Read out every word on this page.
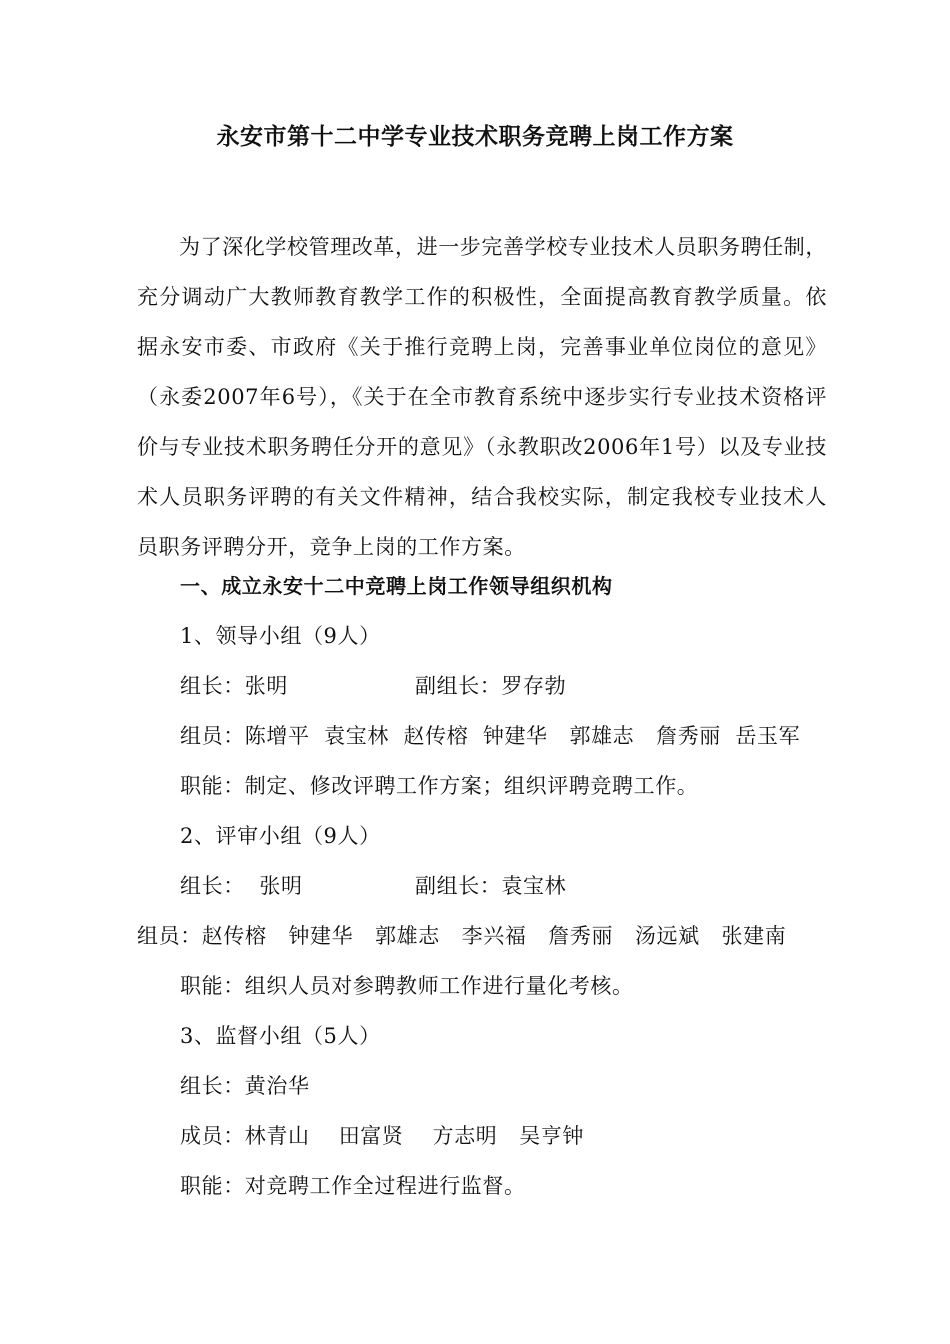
永安市第十二中学专业技术职务竞聘上岗工作方案

为了深化学校管理改革，进一步完善学校专业技术人员职务聘任制，充分调动广大教师教育教学工作的积极性，全面提高教育教学质量。依据永安市委、市政府《关于推行竞聘上岗，完善事业单位岗位的意见》（永委2007年6号），《关于在全市教育系统中逐步实行专业技术资格评价与专业技术职务聘任分开的意见》（永教职改2006年1号）以及专业技术人员职务评聘的有关文件精神，结合我校实际，制定我校专业技术人员职务评聘分开，竞争上岗的工作方案。

一、成立永安十二中竞聘上岗工作领导组织机构
1、领导小组（9人）
组长：张明	副组长：罗存勃
组员：陈增平  袁宝林  赵传榕  钟建华   郭雄志   詹秀丽  岳玉军
职能：制定、修改评聘工作方案；组织评聘竞聘工作。
2、评审小组（9人）
组长：  张明	副组长：袁宝林
组员：赵传榕   钟建华   郭雄志   李兴福   詹秀丽   汤远斌   张建南
职能：组织人员对参聘教师工作进行量化考核。
3、监督小组（5人）
组长：黄治华
成员：林青山    田富贤    方志明   吴亨钟
职能：对竞聘工作全过程进行监督。
